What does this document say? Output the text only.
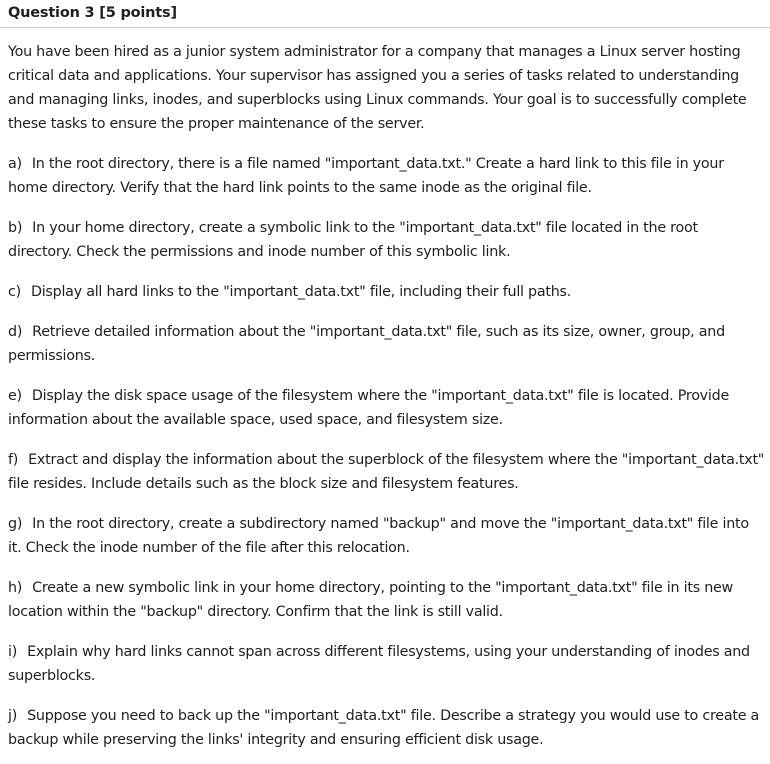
Question 3 [5 points]

You have been hired as a junior system administrator for a company that manages a Linux server hosting critical data and applications. Your supervisor has assigned you a series of tasks related to understanding and managing links, inodes, and superblocks using Linux commands. Your goal is to successfully complete these tasks to ensure the proper maintenance of the server.

a) In the root directory, there is a file named "important_data.txt." Create a hard link to this file in your home directory. Verify that the hard link points to the same inode as the original file.

b) In your home directory, create a symbolic link to the "important_data.txt" file located in the root directory. Check the permissions and inode number of this symbolic link.

c) Display all hard links to the "important_data.txt" file, including their full paths.

d) Retrieve detailed information about the "important_data.txt" file, such as its size, owner, group, and permissions.

e) Display the disk space usage of the filesystem where the "important_data.txt" file is located. Provide information about the available space, used space, and filesystem size.

f) Extract and display the information about the superblock of the filesystem where the "important_data.txt" file resides. Include details such as the block size and filesystem features.

g) In the root directory, create a subdirectory named "backup" and move the "important_data.txt" file into it. Check the inode number of the file after this relocation.

h) Create a new symbolic link in your home directory, pointing to the "important_data.txt" file in its new location within the "backup" directory. Confirm that the link is still valid.

i) Explain why hard links cannot span across different filesystems, using your understanding of inodes and superblocks.

j) Suppose you need to back up the "important_data.txt" file. Describe a strategy you would use to create a backup while preserving the links' integrity and ensuring efficient disk usage.
